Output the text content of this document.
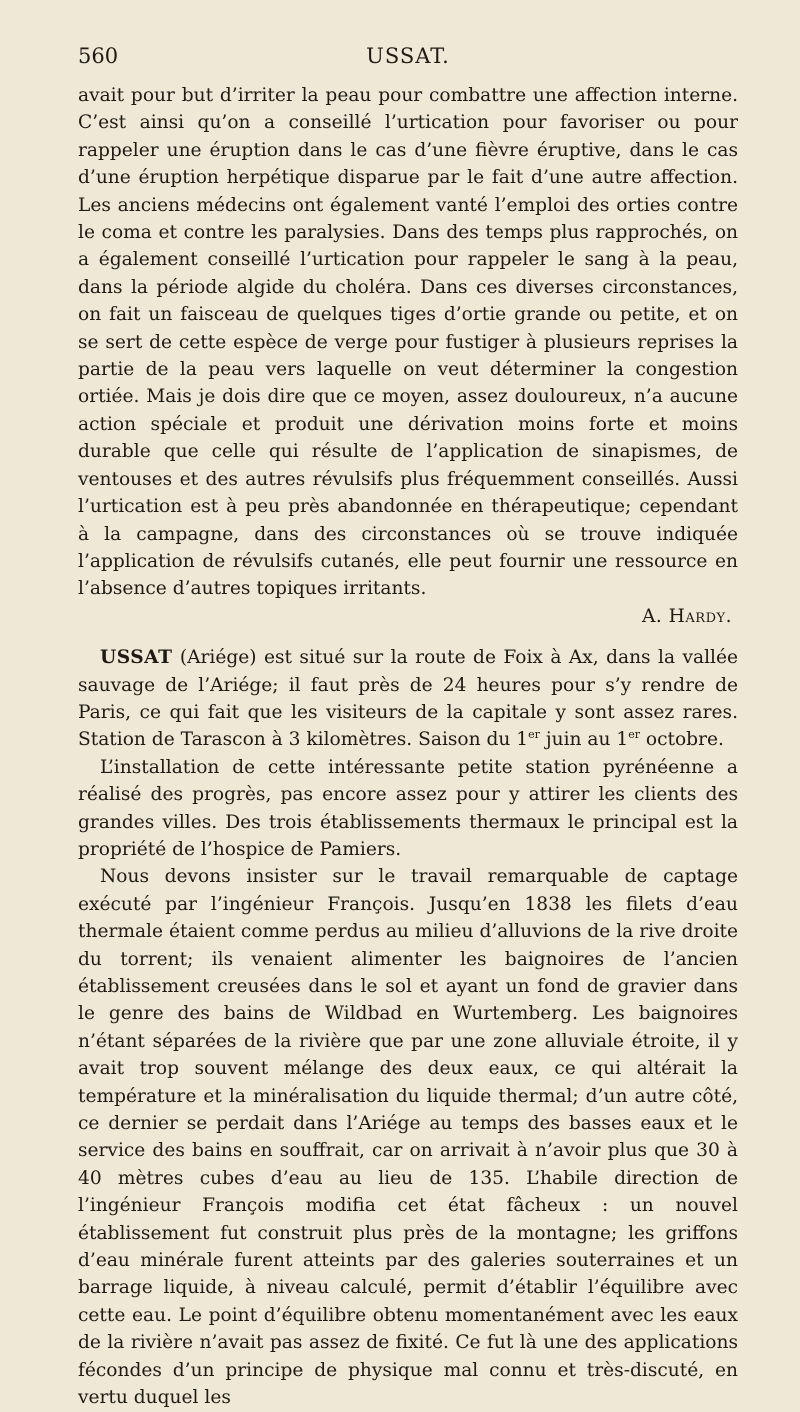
560	USSAT.

avait pour but d’irriter la peau pour combattre une affection interne. C’est ainsi qu’on a conseillé l’urtication pour favoriser ou pour rappeler une éruption dans le cas d’une fièvre éruptive, dans le cas d’une éruption herpétique disparue par le fait d’une autre affection. Les anciens médecins ont également vanté l’emploi des orties contre le coma et contre les paralysies. Dans des temps plus rapprochés, on a également conseillé l’urtication pour rappeler le sang à la peau, dans la période algide du choléra. Dans ces diverses circonstances, on fait un faisceau de quelques tiges d’ortie grande ou petite, et on se sert de cette espèce de verge pour fustiger à plusieurs reprises la partie de la peau vers laquelle on veut déterminer la congestion ortiée. Mais je dois dire que ce moyen, assez douloureux, n’a aucune action spéciale et produit une dérivation moins forte et moins durable que celle qui résulte de l’application de sinapismes, de ventouses et des autres révulsifs plus fréquemment conseillés. Aussi l’urtication est à peu près abandonnée en thérapeutique; cependant à la campagne, dans des circonstances où se trouve indiquée l’application de révulsifs cutanés, elle peut fournir une ressource en l’absence d’autres topiques irritants.

A. Hardy.

USSAT (Ariége) est situé sur la route de Foix à Ax, dans la vallée sauvage de l’Ariége; il faut près de 24 heures pour s’y rendre de Paris, ce qui fait que les visiteurs de la capitale y sont assez rares. Station de Tarascon à 3 kilomètres. Saison du 1er juin au 1er octobre.

L’installation de cette intéressante petite station pyrénéenne a réalisé des progrès, pas encore assez pour y attirer les clients des grandes villes. Des trois établissements thermaux le principal est la propriété de l’hospice de Pamiers.

Nous devons insister sur le travail remarquable de captage exécuté par l’ingénieur François. Jusqu’en 1838 les filets d’eau thermale étaient comme perdus au milieu d’alluvions de la rive droite du torrent; ils venaient alimenter les baignoires de l’ancien établissement creusées dans le sol et ayant un fond de gravier dans le genre des bains de Wildbad en Wurtemberg. Les baignoires n’étant séparées de la rivière que par une zone alluviale étroite, il y avait trop souvent mélange des deux eaux, ce qui altérait la température et la minéralisation du liquide thermal; d’un autre côté, ce dernier se perdait dans l’Ariége au temps des basses eaux et le service des bains en souffrait, car on arrivait à n’avoir plus que 30 à 40 mètres cubes d’eau au lieu de 135. L’habile direction de l’ingénieur François modifia cet état fâcheux : un nouvel établissement fut construit plus près de la montagne; les griffons d’eau minérale furent atteints par des galeries souterraines et un barrage liquide, à niveau calculé, permit d’établir l’équilibre avec cette eau. Le point d’équilibre obtenu momentanément avec les eaux de la rivière n’avait pas assez de fixité. Ce fut là une des applications fécondes d’un principe de physique mal connu et très-discuté, en vertu duquel les
